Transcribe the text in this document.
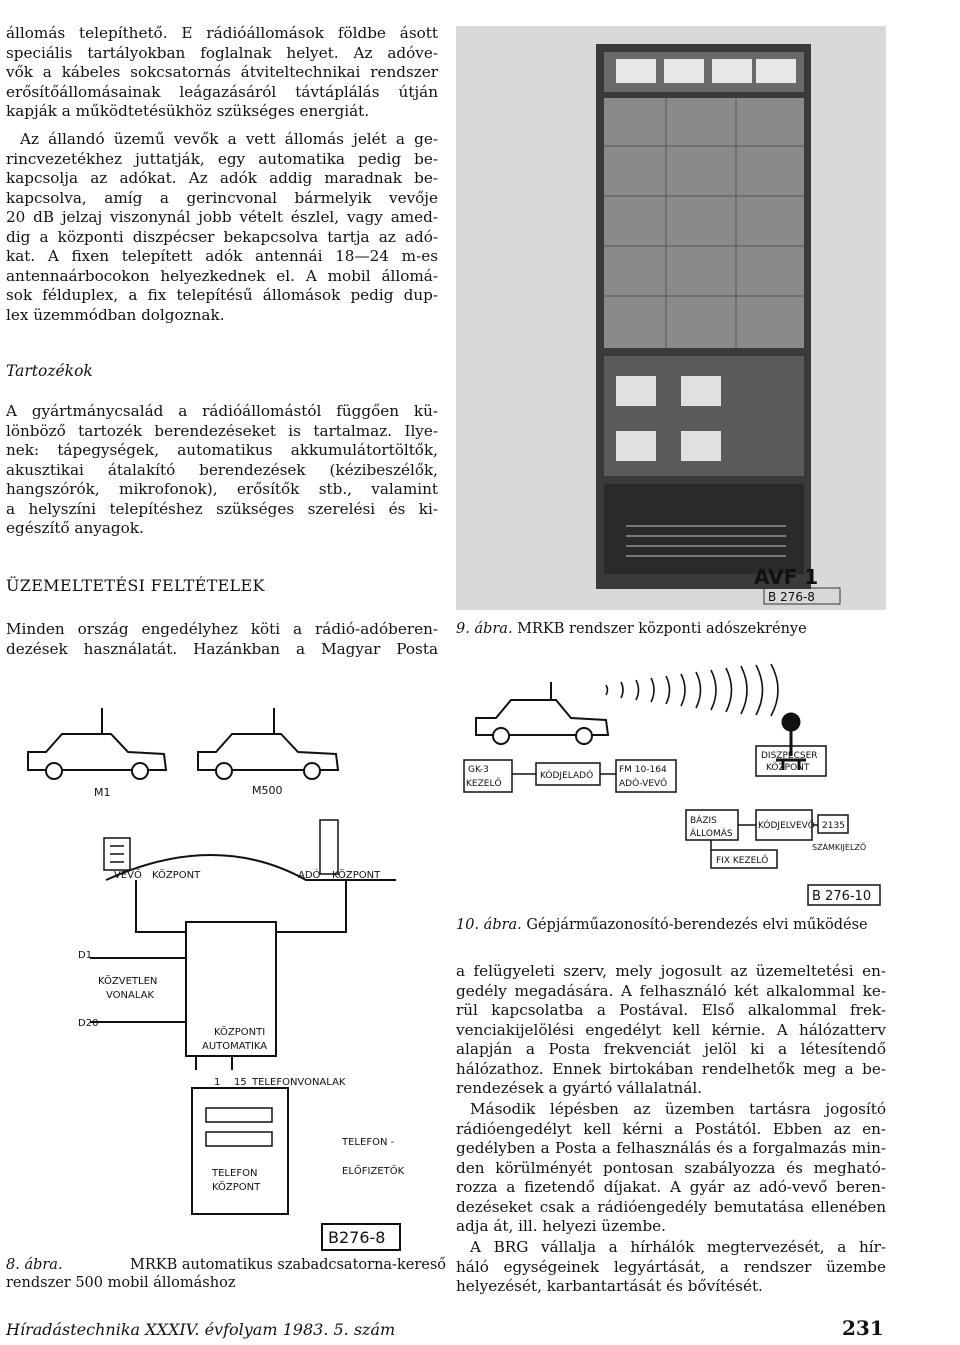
állomás telepíthető. E rádióállomások földbe ásott
speciális tartályokban foglalnak helyet. Az adóve-
vők a kábeles sokcsatornás átviteltechnikai rendszer
erősítőállomásainak leágazásáról távtáplálás útján
kapják a működtetésükhöz szükséges energiát.
Az állandó üzemű vevők a vett állomás jelét a ge-
rincvezetékhez juttatják, egy automatika pedig be-
kapcsolja az adókat. Az adók addig maradnak be-
kapcsolva, amíg a gerincvonal bármelyik vevője
20 dB jelzaj viszonynál jobb vételt észlel, vagy amed-
dig a központi diszpécser bekapcsolva tartja az adó-
kat. A fixen telepített adók antennái 18—24 m-es
antennaárbocokon helyezkednek el. A mobil állomá-
sok félduplex, a fix telepítésű állomások pedig dup-
lex üzemmódban dolgoznak.
Tartozékok
A gyártmánycsalád a rádióállomástól függően kü-
lönböző tartozék berendezéseket is tartalmaz. Ilye-
nek: tápegységek, automatikus akkumulátortöltők,
akusztikai átalakító berendezések (kézibeszélők,
hangszórók, mikrofonok), erősítők stb., valamint
a helyszíni telepítéshez szükséges szerelési és ki-
egészítő anyagok.
ÜZEMELTETÉSI FELTÉTELEK
Minden ország engedélyhez köti a rádió-adóberen-
dezések használatát. Hazánkban a Magyar Posta
AVF 1
B 276-8
9. ábra. MRKB rendszer központi adószekrénye
GK-3
KEZELŐ
KÓDJELADÓ
FM 10-164
ADÓ-VEVŐ
DISZPÉCSER
KÖZPONT
BÁZIS
ÁLLOMÁS
KÓDJELVEVŐ 2135
SZÁMKIJELZŐ
FIX KEZELŐ
B 276-10
10. ábra. Gépjárműazonosító-berendezés elvi működése
M1	M500
VEVŐ KÖZPONT	ADÓ KÖZPONT
KÖZPONTI
AUTOMATIKA
D1
KÖZVETLEN
VONALAK
D20
1 15 TELEFONVONALAK
TELEFON
KÖZPONT
TELEFON -
ELŐFIZETŐK
B276-8
8. ábra.	MRKB automatikus szabadcsatorna-kereső
rendszer 500 mobil állomáshoz
a felügyeleti szerv, mely jogosult az üzemeltetési en-
gedély megadására. A felhasználó két alkalommal ke-
rül kapcsolatba a Postával. Első alkalommal frek-
venciakijelölési engedélyt kell kérnie. A hálózatterv
alapján a Posta frekvenciát jelöl ki a létesítendő
hálózathoz. Ennek birtokában rendelhetők meg a be-
rendezések a gyártó vállalatnál.
Második lépésben az üzemben tartásra jogosító
rádióengedélyt kell kérni a Postától. Ebben az en-
gedélyben a Posta a felhasználás és a forgalmazás min-
den körülményét pontosan szabályozza és megható-
rozza a fizetendő díjakat. A gyár az adó-vevő beren-
dezéseket csak a rádióengedély bemutatása ellenében
adja át, ill. helyezi üzembe.
A BRG vállalja a hírhálók megtervezését, a hír-
háló egységeinek legyártását, a rendszer üzembe
helyezését, karbantartását és bővítését.
Híradástechnika XXXIV. évfolyam 1983. 5. szám	231
